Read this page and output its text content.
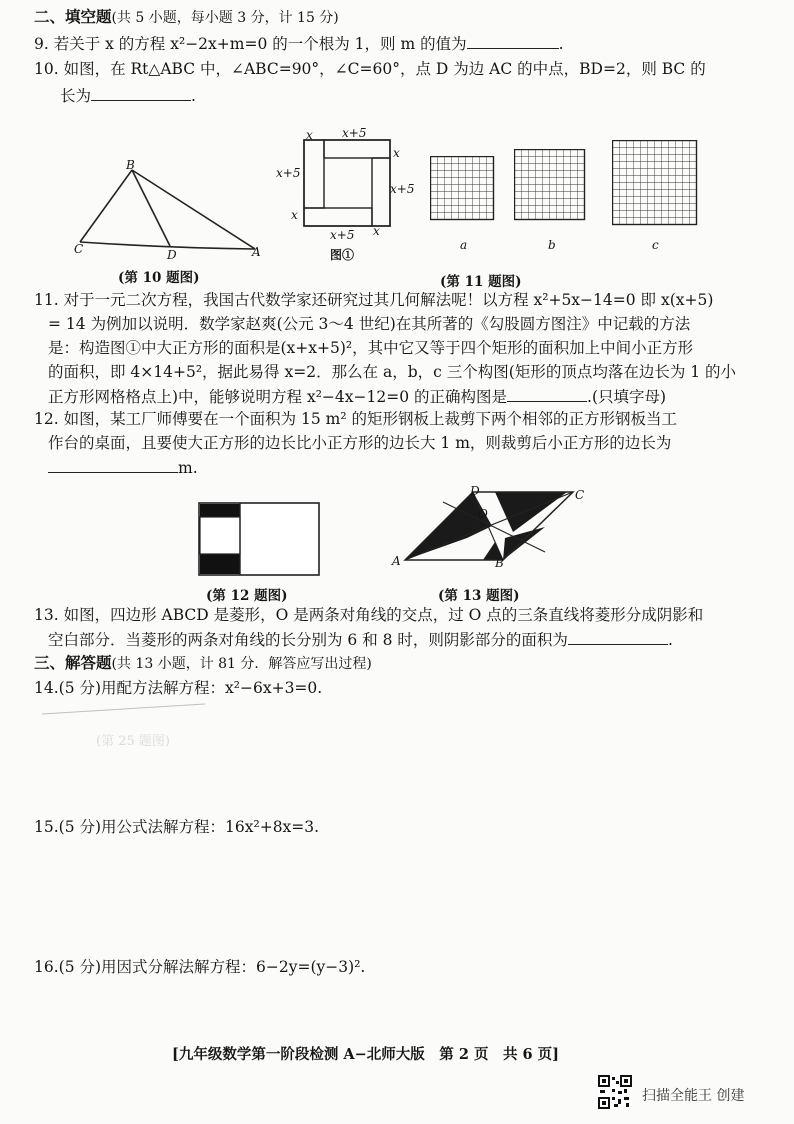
二、填空题(共 5 小题，每小题 3 分，计 15 分)
9. 若关于 x 的方程 x²−2x+m=0 的一个根为 1，则 m 的值为	.
10. 如图，在 Rt△ABC 中，∠ABC=90°，∠C=60°，点 D 为边 AC 的中点，BD=2，则 BC 的
长为	.
B
C	D	A
(第 10 题图)
x x+5
x
x+5
x+5
x
x+5 x
图①
a	b	c
(第 11 题图)
11. 对于一元二次方程，我国古代数学家还研究过其几何解法呢！以方程 x²+5x−14=0 即 x(x+5)
= 14 为例加以说明．数学家赵爽(公元 3～4 世纪)在其所著的《勾股圆方图注》中记载的方法
是：构造图①中大正方形的面积是(x+x+5)²，其中它又等于四个矩形的面积加上中间小正方形
的面积，即 4×14+5²，据此易得 x=2．那么在 a，b，c 三个构图(矩形的顶点均落在边长为 1 的小
正方形网格格点上)中，能够说明方程 x²−4x−12=0 的正确构图是	.(只填字母)
12. 如图，某工厂师傅要在一个面积为 15 m² 的矩形钢板上裁剪下两个相邻的正方形钢板当工
作台的桌面，且要使大正方形的边长比小正方形的边长大 1 m，则裁剪后小正方形的边长为
m.
(第 12 题图)
D	C
O
A	B
(第 13 题图)
13. 如图，四边形 ABCD 是菱形，O 是两条对角线的交点，过 O 点的三条直线将菱形分成阴影和
空白部分．当菱形的两条对角线的长分别为 6 和 8 时，则阴影部分的面积为	.
三、解答题(共 13 小题，计 81 分．解答应写出过程)
14.(5 分)用配方法解方程：x²−6x+3=0.
(第 25 题图)
15.(5 分)用公式法解方程：16x²+8x=3.
16.(5 分)用因式分解法解方程：6−2y=(y−3)².
[九年级数学第一阶段检测 A−北师大版　第 2 页　共 6 页]
扫描全能王 创建
